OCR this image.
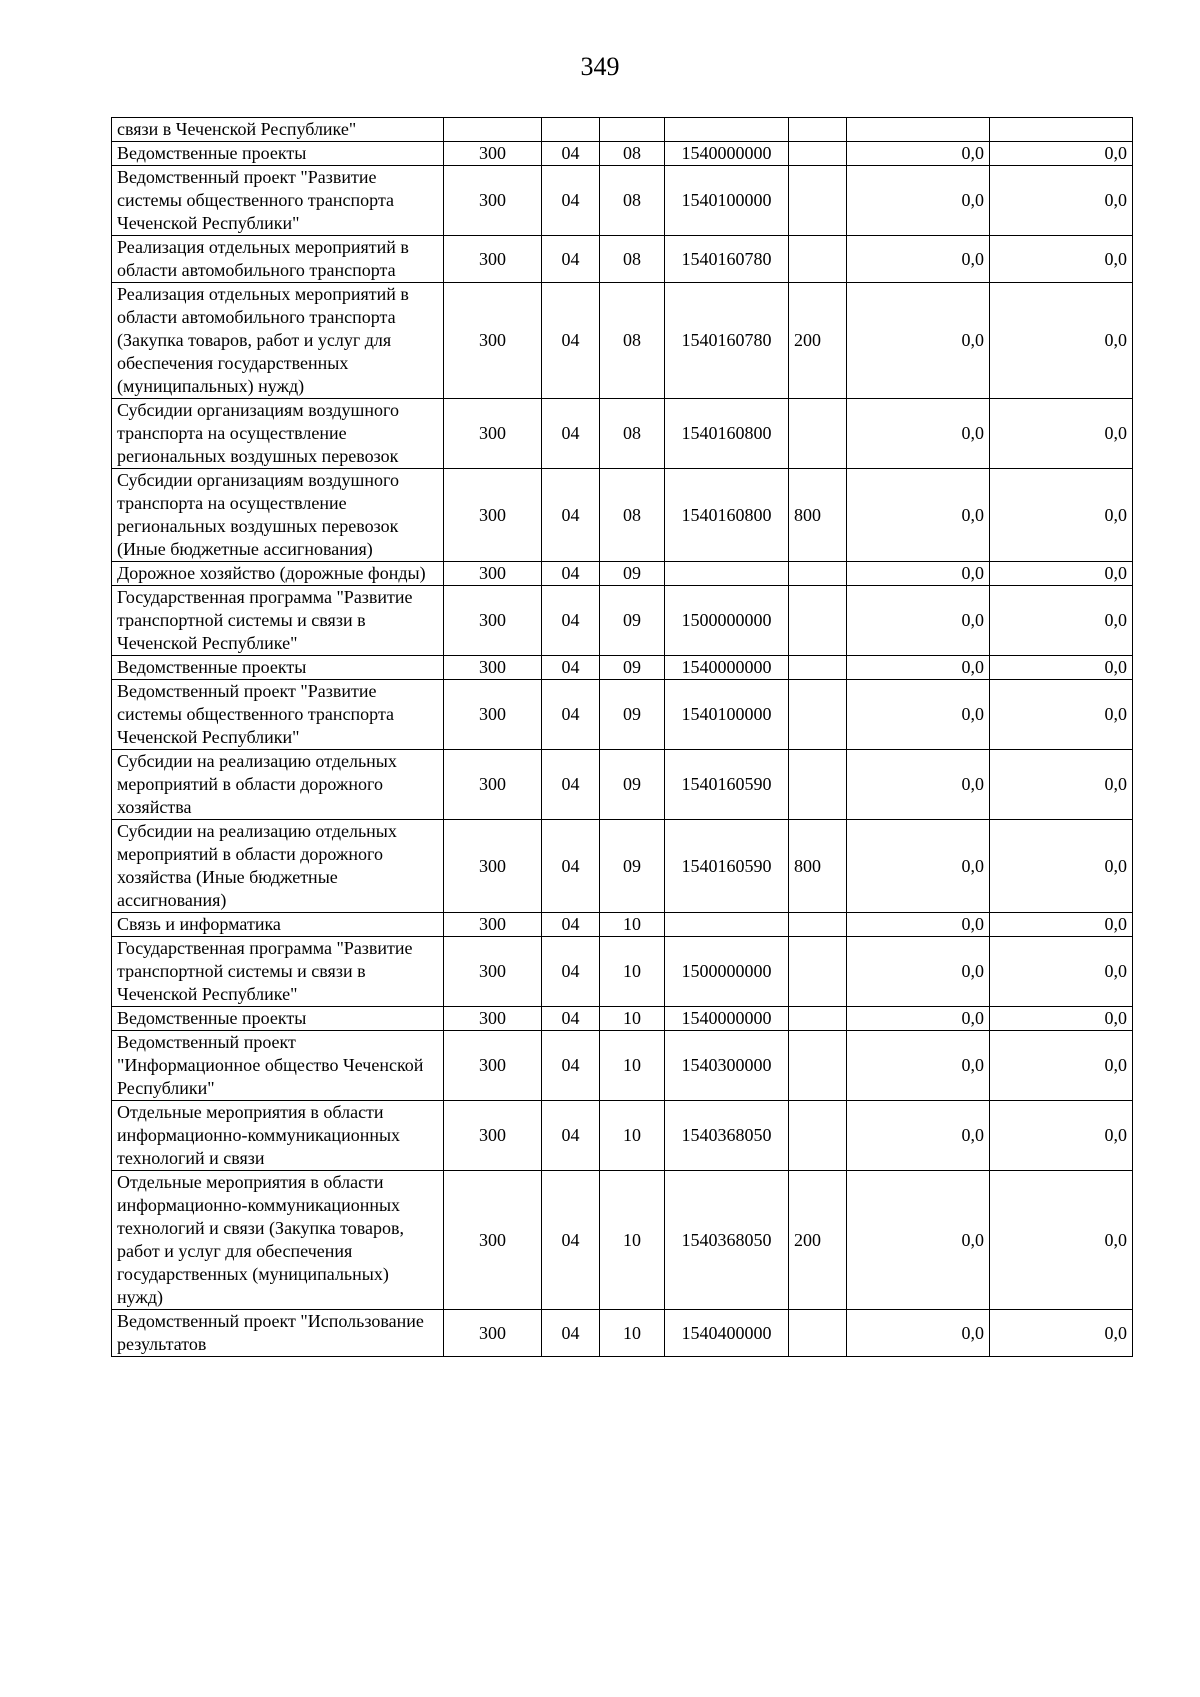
349
связи в Чеченской Республике"							
Ведомственные проекты	300	04	08	1540000000		0,0	0,0
Ведомственный проект "Развитие системы общественного транспорта Чеченской Республики"	300	04	08	1540100000		0,0	0,0
Реализация отдельных мероприятий в области автомобильного транспорта	300	04	08	1540160780		0,0	0,0
Реализация отдельных мероприятий в области автомобильного транспорта (Закупка товаров, работ и услуг для обеспечения государственных (муниципальных) нужд)	300	04	08	1540160780	200	0,0	0,0
Субсидии организациям воздушного транспорта на осуществление региональных воздушных перевозок	300	04	08	1540160800		0,0	0,0
Субсидии организациям воздушного транспорта на осуществление региональных воздушных перевозок (Иные бюджетные ассигнования)	300	04	08	1540160800	800	0,0	0,0
Дорожное хозяйство (дорожные фонды)	300	04	09			0,0	0,0
Государственная программа "Развитие транспортной системы и связи в Чеченской Республике"	300	04	09	1500000000		0,0	0,0
Ведомственные проекты	300	04	09	1540000000		0,0	0,0
Ведомственный проект "Развитие системы общественного транспорта Чеченской Республики"	300	04	09	1540100000		0,0	0,0
Субсидии на реализацию отдельных мероприятий в области дорожного хозяйства	300	04	09	1540160590		0,0	0,0
Субсидии на реализацию отдельных мероприятий в области дорожного хозяйства (Иные бюджетные ассигнования)	300	04	09	1540160590	800	0,0	0,0
Связь и информатика	300	04	10			0,0	0,0
Государственная программа "Развитие транспортной системы и связи в Чеченской Республике"	300	04	10	1500000000		0,0	0,0
Ведомственные проекты	300	04	10	1540000000		0,0	0,0
Ведомственный проект "Информационное общество Чеченской Республики"	300	04	10	1540300000		0,0	0,0
Отдельные мероприятия в области информационно-коммуникационных технологий и связи	300	04	10	1540368050		0,0	0,0
Отдельные мероприятия в области информационно-коммуникационных технологий и связи (Закупка товаров, работ и услуг для обеспечения государственных (муниципальных) нужд)	300	04	10	1540368050	200	0,0	0,0
Ведомственный проект "Использование результатов	300	04	10	1540400000		0,0	0,0
